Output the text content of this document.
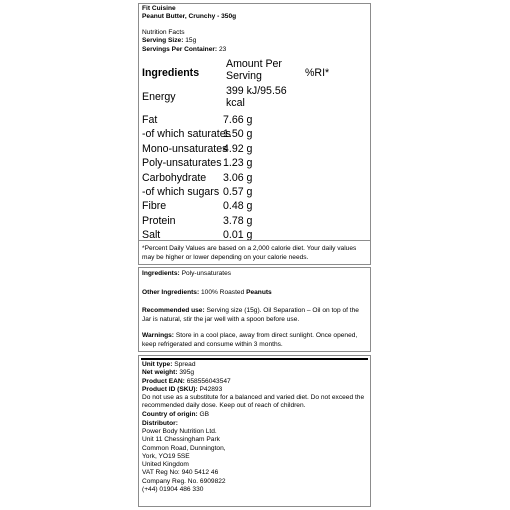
Fit Cuisine
Peanut Butter, Crunchy - 350g
Nutrition Facts
Serving Size: 15g
Servings Per Container: 23
Ingredients
Amount Per Serving	%RI*
Energy	399 kJ/95.56 kcal
Fat	7.66 g
-of which saturates
1.50 g
Mono-unsaturates
4.92 g
Poly-unsaturates 1.23 g
Carbohydrate 3.06 g
-of which sugars 0.57 g
Fibre	0.48 g
Protein	3.78 g
Salt	0.01 g
*Percent Daily Values are based on a 2,000 calorie diet. Your daily values may be higher or lower depending on your calorie needs.
Ingredients: Poly-unsaturates
Other Ingredients: 100% Roasted Peanuts
Recommended use: Serving size (15g). Oil Separation – Oil on top of the Jar is natural, stir the jar well with a spoon before use.
Warnings: Store in a cool place, away from direct sunlight. Once opened, keep refrigerated and consume within 3 months.
Unit type: Spread
Net weight: 395g
Product EAN: 658556043547
Product ID (SKU): P42893
Do not use as a substitute for a balanced and varied diet. Do not exceed the recommended daily dose. Keep out of reach of children.
Country of origin: GB
Distributor:
Power Body Nutrition Ltd.
Unit 11 Chessingham Park
Common Road, Dunnington,
York, YO19 5SE
United Kingdom
VAT Reg No: 940 5412 46
Company Reg. No. 6909822
(+44) 01904 486 330
